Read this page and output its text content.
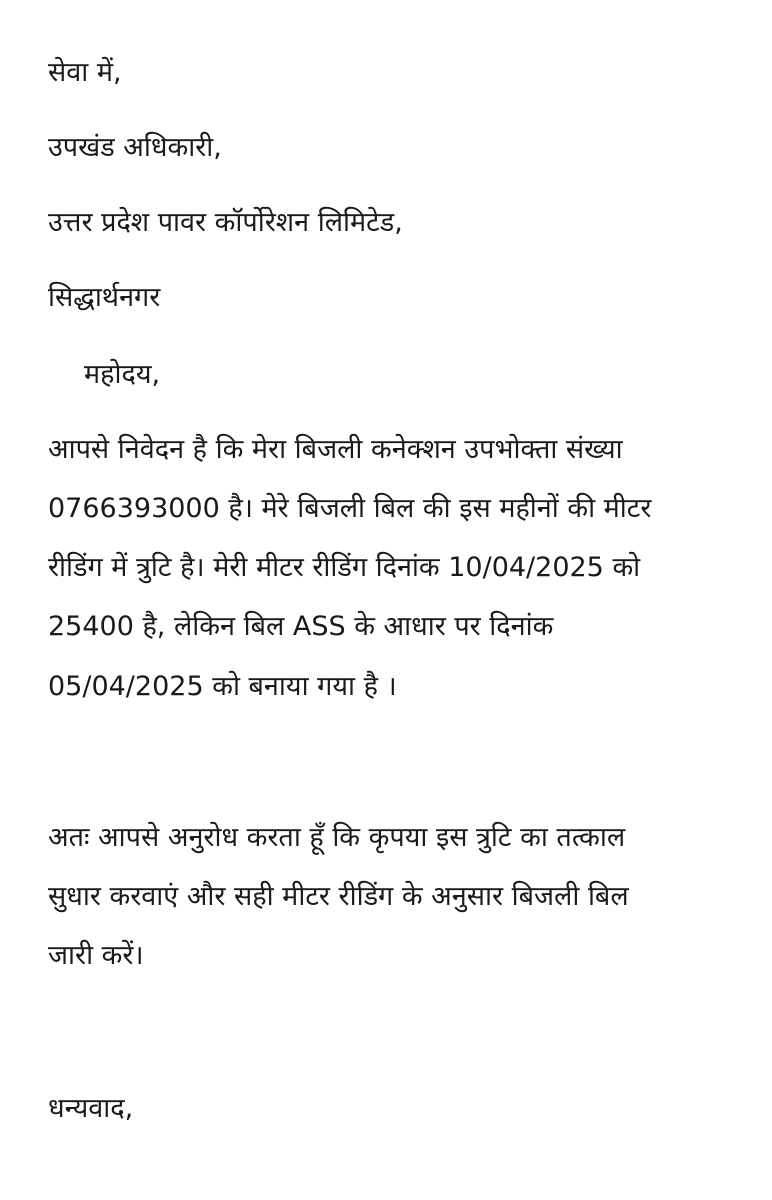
सेवा में,
उपखंड अधिकारी,
उत्तर प्रदेश पावर कॉर्पोरेशन लिमिटेड,
सिद्धार्थनगर
महोदय,
आपसे निवेदन है कि मेरा बिजली कनेक्शन उपभोक्ता संख्या
0766393000 है। मेरे बिजली बिल की इस महीनों की मीटर
रीडिंग में त्रुटि है। मेरी मीटर रीडिंग दिनांक 10/04/2025 को
25400 है, लेकिन बिल ASS के आधार पर दिनांक
05/04/2025 को बनाया गया है ।
अतः आपसे अनुरोध करता हूँ कि कृपया इस त्रुटि का तत्काल
सुधार करवाएं और सही मीटर रीडिंग के अनुसार बिजली बिल
जारी करें।
धन्यवाद,
